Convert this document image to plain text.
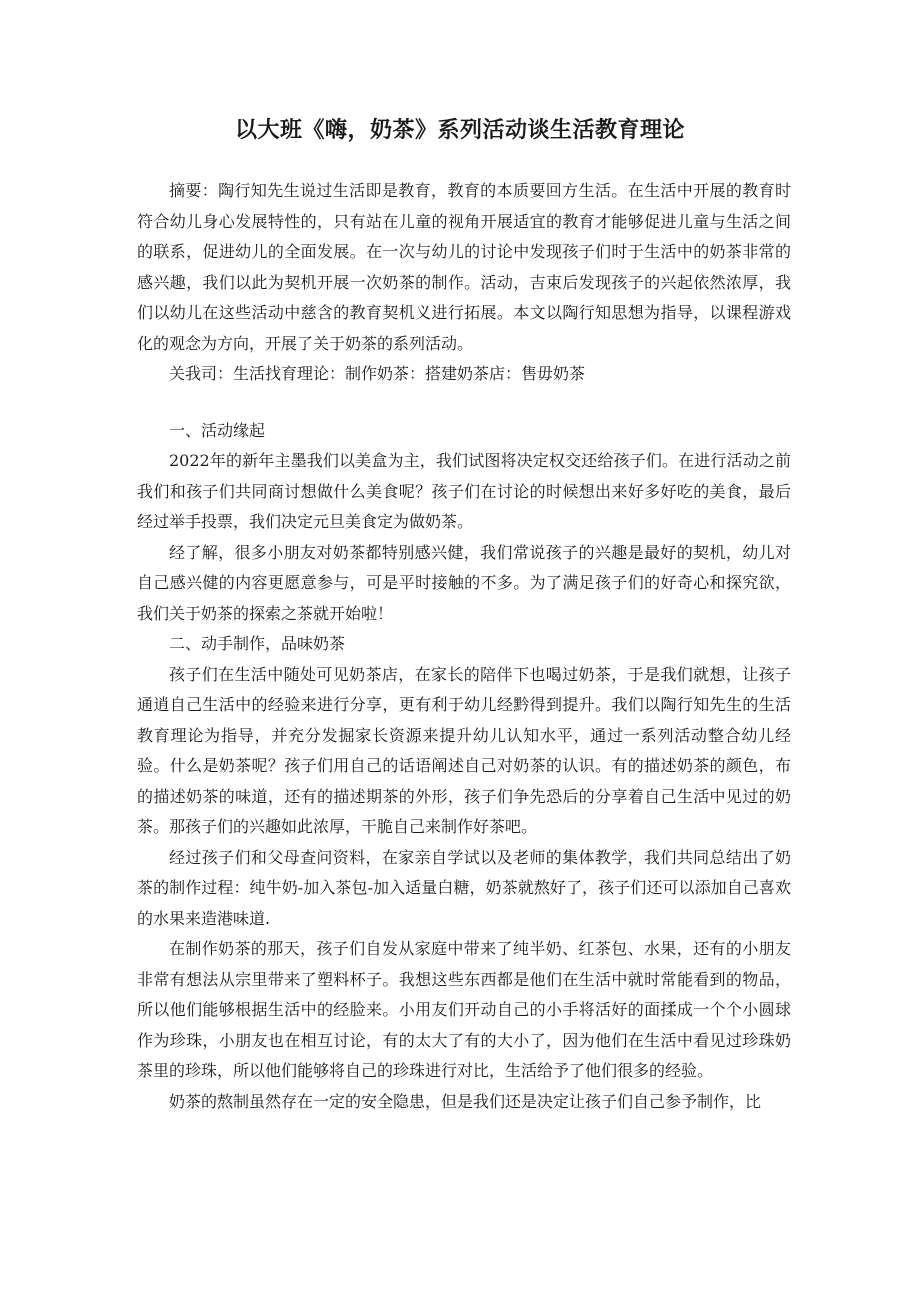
以大班《嗨，奶茶》系列活动谈生活教育理论

摘要：陶行知先生说过生活即是教育，教育的本质要回方生活。在生活中开展的教育时符合幼儿身心发展特性的，只有站在儿童的视角开展适宜的教育才能够促进儿童与生活之间的联系，促进幼儿的全面发展。在一次与幼儿的讨论中发现孩子们时于生活中的奶茶非常的感兴趣，我们以此为契机开展一次奶茶的制作。活动，吉束后发现孩子的兴起依然浓厚，我们以幼儿在这些活动中慈含的教育契机义进行拓展。本文以陶行知思想为指导，以课程游戏化的观念为方向，开展了关于奶茶的系列活动。

关我司：生活找育理论：制作奶茶：搭建奶茶店：售毋奶茶

一、活动缘起

2022年的新年主墨我们以美盒为主，我们试图将决定权交还给孩子们。在进行活动之前我们和孩子们共同商讨想做什么美食呢？孩子们在讨论的时候想出来好多好吃的美食，最后经过举手投票，我们决定元旦美食定为做奶茶。

经了解，很多小朋友对奶茶都特别感兴健，我们常说孩子的兴趣是最好的契机，幼儿对自己感兴健的内容更愿意参与，可是平时接触的不多。为了满足孩子们的好奇心和探究欲，我们关于奶茶的探索之茶就开始啦！

二、动手制作，品味奶茶

孩子们在生活中随处可见奶茶店，在家长的陪伴下也喝过奶茶，于是我们就想，让孩子通逍自己生活中的经验来进行分享，更有利于幼儿经黔得到提升。我们以陶行知先生的生活教育理论为指导，并充分发掘家长资源来提升幼儿认知水平，通过一系列活动整合幼儿经验。什么是奶茶呢？孩子们用自己的话语阐述自己对奶茶的认识。有的描述奶茶的颜色，布的描述奶茶的味道，还有的描述期茶的外形，孩子们争先恐后的分享着自己生活中见过的奶茶。那孩子们的兴趣如此浓厚，干脆自己来制作好茶吧。

经过孩子们和父母查问资料，在家亲自学试以及老师的集体教学，我们共同总结出了奶茶的制作过程：纯牛奶-加入茶包-加入适量白糖，奶茶就熬好了，孩子们还可以添加自己喜欢的水果来造港味道.

在制作奶茶的那天，孩子们自发从家庭中带来了纯半奶、红茶包、水果，还有的小朋友非常有想法从宗里带来了塑料杯子。我想这些东西都是他们在生活中就时常能看到的物品，所以他们能够根据生活中的经脸来。小用友们开动自己的小手将活好的面揉成一个个小圆球作为珍珠，小朋友也在相互讨论，有的太大了有的大小了，因为他们在生活中看见过珍珠奶茶里的珍珠，所以他们能够将自己的珍珠进行对比，生活给予了他们很多的经验。

奶茶的熬制虽然存在一定的安全隐患，但是我们还是决定让孩子们自己参予制作，比
